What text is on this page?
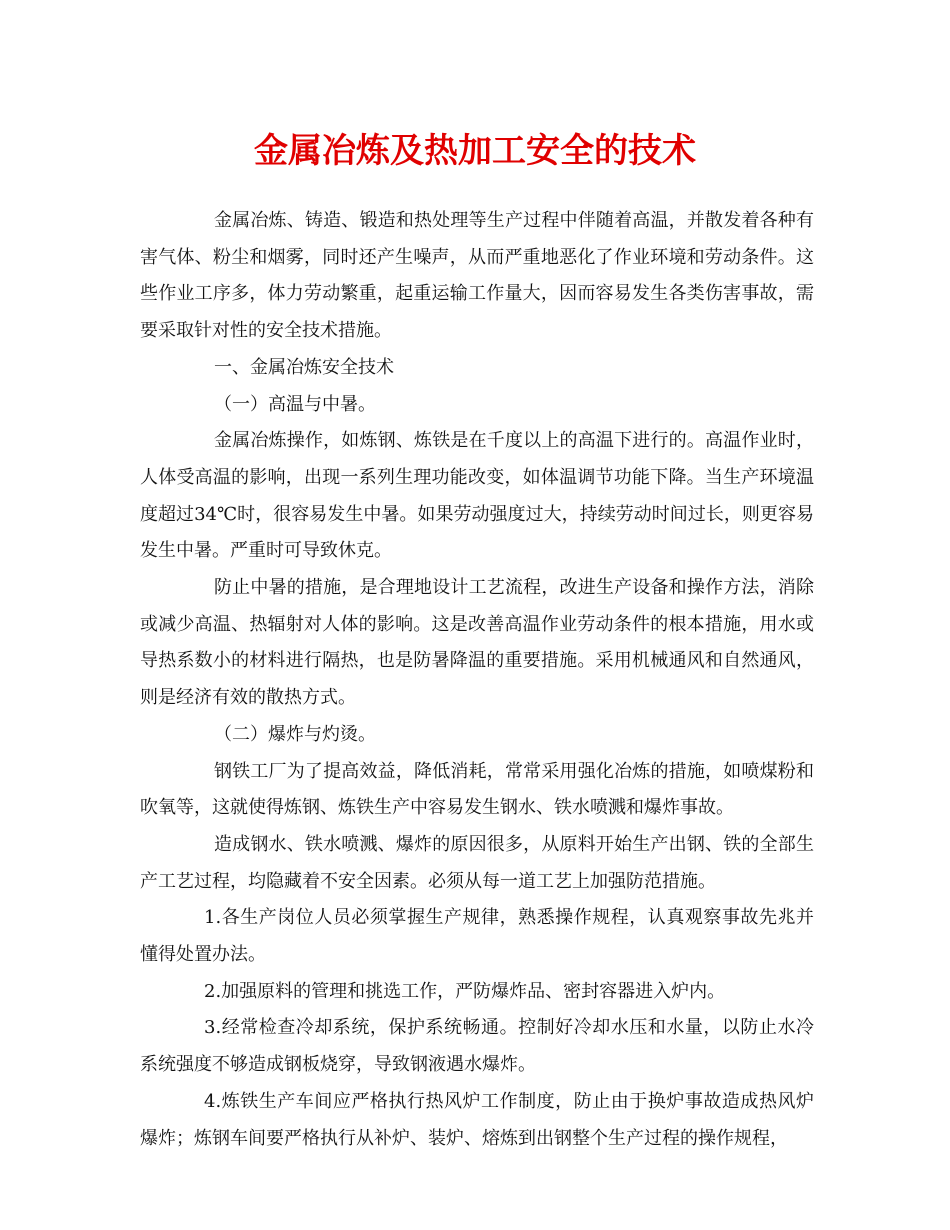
金属冶炼及热加工安全的技术

金属冶炼、铸造、锻造和热处理等生产过程中伴随着高温，并散发着各种有害气体、粉尘和烟雾，同时还产生噪声，从而严重地恶化了作业环境和劳动条件。这些作业工序多，体力劳动繁重，起重运输工作量大，因而容易发生各类伤害事故，需要采取针对性的安全技术措施。

一、金属冶炼安全技术

（一）高温与中暑。

金属冶炼操作，如炼钢、炼铁是在千度以上的高温下进行的。高温作业时，人体受高温的影响，出现一系列生理功能改变，如体温调节功能下降。当生产环境温度超过34℃时，很容易发生中暑。如果劳动强度过大，持续劳动时间过长，则更容易发生中暑。严重时可导致休克。

防止中暑的措施，是合理地设计工艺流程，改进生产设备和操作方法，消除或减少高温、热辐射对人体的影响。这是改善高温作业劳动条件的根本措施，用水或导热系数小的材料进行隔热，也是防暑降温的重要措施。采用机械通风和自然通风，则是经济有效的散热方式。

（二）爆炸与灼烫。

钢铁工厂为了提高效益，降低消耗，常常采用强化冶炼的措施，如喷煤粉和吹氧等，这就使得炼钢、炼铁生产中容易发生钢水、铁水喷溅和爆炸事故。

造成钢水、铁水喷溅、爆炸的原因很多，从原料开始生产出钢、铁的全部生产工艺过程，均隐藏着不安全因素。必须从每一道工艺上加强防范措施。

1.各生产岗位人员必须掌握生产规律，熟悉操作规程，认真观察事故先兆并懂得处置办法。

2.加强原料的管理和挑选工作，严防爆炸品、密封容器进入炉内。

3.经常检查冷却系统，保护系统畅通。控制好冷却水压和水量，以防止水冷系统强度不够造成钢板烧穿，导致钢液遇水爆炸。

4.炼铁生产车间应严格执行热风炉工作制度，防止由于换炉事故造成热风炉爆炸；炼钢车间要严格执行从补炉、装炉、熔炼到出钢整个生产过程的操作规程，
